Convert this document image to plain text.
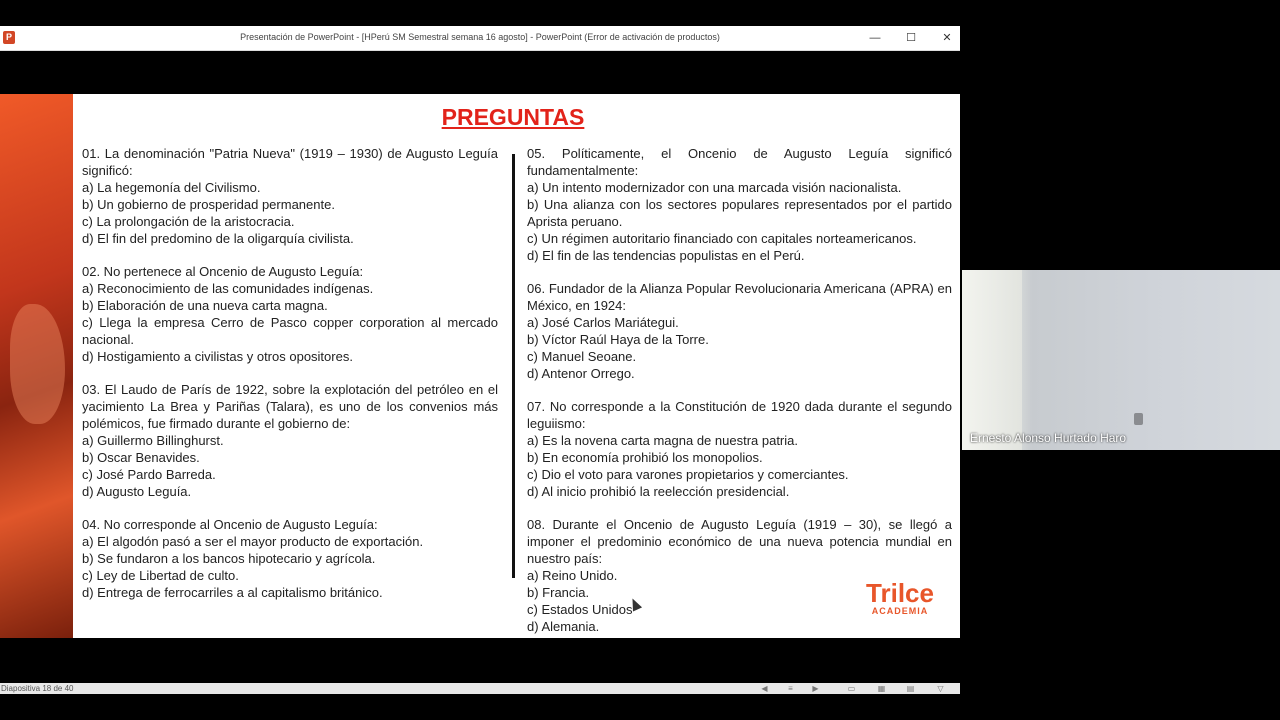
P	Presentación de PowerPoint - [HPerú SM Semestral semana 16 agosto] - PowerPoint (Error de activación de productos)	—	☐	✕
PREGUNTAS
01. La denominación "Patria Nueva" (1919 – 1930) de Augusto Leguía significó:
a) La hegemonía del Civilismo.
b) Un gobierno de prosperidad permanente.
c) La prolongación de la aristocracia.
d) El fin del predomino de la oligarquía civilista.
02. No pertenece al Oncenio de Augusto Leguía:
a) Reconocimiento de las comunidades indígenas.
b) Elaboración de una nueva carta magna.
c) Llega la empresa Cerro de Pasco copper corporation al mercado nacional.
d) Hostigamiento a civilistas y otros opositores.
03. El Laudo de París de 1922, sobre la explotación del petróleo en el yacimiento La Brea y Pariñas (Talara), es uno de los convenios más polémicos, fue firmado durante el gobierno de:
a) Guillermo Billinghurst.
b) Oscar Benavides.
c) José Pardo Barreda.
d) Augusto Leguía.
04. No corresponde al Oncenio de Augusto Leguía:
a) El algodón pasó a ser el mayor producto de exportación.
b) Se fundaron a los bancos hipotecario y agrícola.
c) Ley de Libertad de culto.
d) Entrega de ferrocarriles a al capitalismo británico.
05. Políticamente, el Oncenio de Augusto Leguía significó fundamentalmente:
a) Un intento modernizador con una marcada visión nacionalista.
b) Una alianza con los sectores populares representados por el partido Aprista peruano.
c) Un régimen autoritario financiado con capitales norteamericanos.
d) El fin de las tendencias populistas en el Perú.
06. Fundador de la Alianza Popular Revolucionaria Americana (APRA) en México, en 1924:
a) José Carlos Mariátegui.
b) Víctor Raúl Haya de la Torre.
c) Manuel Seoane.
d) Antenor Orrego.
07. No corresponde a la Constitución de 1920 dada durante el segundo leguiismo:
a) Es la novena carta magna de nuestra patria.
b) En economía prohibió los monopolios.
c) Dio el voto para varones propietarios y comerciantes.
d) Al inicio prohibió la reelección presidencial.
08. Durante el Oncenio de Augusto Leguía (1919 – 30), se llegó a imponer el predominio económico de una nueva potencia mundial en nuestro país:
a) Reino Unido.
b) Francia.
c) Estados Unidos
d) Alemania.
Trilce
ACADEMIA
Diapositiva 18 de 40	◀	≡ ▶	▭	▦	▤	▽
Ernesto Alonso Hurtado Haro
